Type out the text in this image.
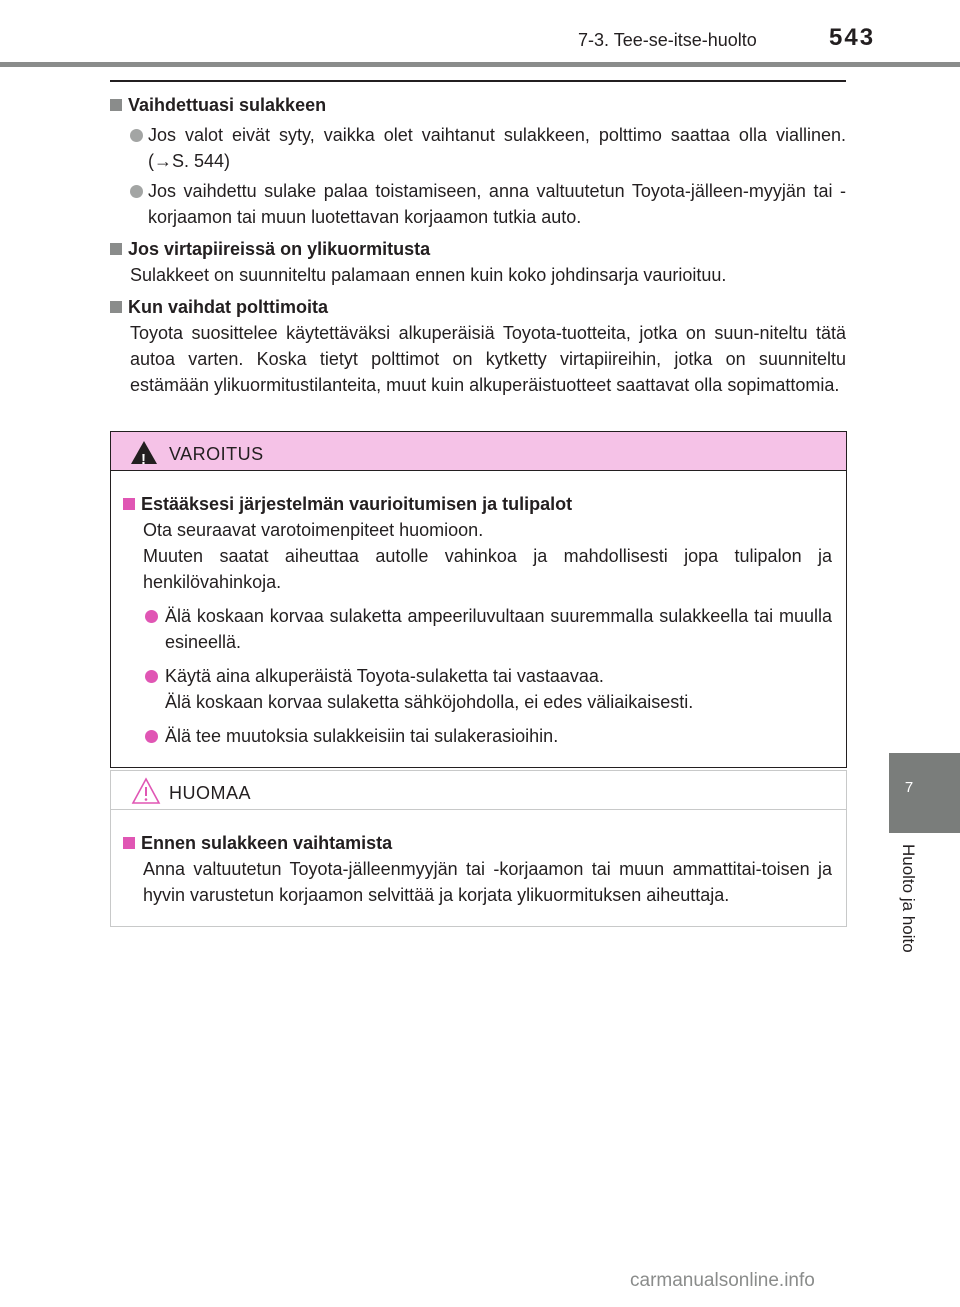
7-3. Tee-se-itse-huolto	543
7
Huolto ja hoito
Vaihdettuasi sulakkeen
Jos valot eivät syty, vaikka olet vaihtanut sulakkeen, polttimo saattaa olla viallinen. (→S. 544)
Jos vaihdettu sulake palaa toistamiseen, anna valtuutetun Toyota-jälleen-myyjän tai -korjaamon tai muun luotettavan korjaamon tutkia auto.
Jos virtapiireissä on ylikuormitusta
Sulakkeet on suunniteltu palamaan ennen kuin koko johdinsarja vaurioituu.
Kun vaihdat polttimoita
Toyota suosittelee käytettäväksi alkuperäisiä Toyota-tuotteita, jotka on suun-niteltu tätä autoa varten. Koska tietyt polttimot on kytketty virtapiireihin, jotka on suunniteltu estämään ylikuormitustilanteita, muut kuin alkuperäistuotteet saattavat olla sopimattomia.
!
VAROITUS
Estääksesi järjestelmän vaurioitumisen ja tulipalot
Ota seuraavat varotoimenpiteet huomioon.
Muuten saatat aiheuttaa autolle vahinkoa ja mahdollisesti jopa tulipalon ja henkilövahinkoja.
Älä koskaan korvaa sulaketta ampeeriluvultaan suuremmalla sulakkeella tai muulla esineellä.
Käytä aina alkuperäistä Toyota-sulaketta tai vastaavaa.
Älä koskaan korvaa sulaketta sähköjohdolla, ei edes väliaikaisesti.
Älä tee muutoksia sulakkeisiin tai sulakerasioihin.
HUOMAA
Ennen sulakkeen vaihtamista
Anna valtuutetun Toyota-jälleenmyyjän tai -korjaamon tai muun ammattitai-toisen ja hyvin varustetun korjaamon selvittää ja korjata ylikuormituksen aiheuttaja.
carmanualsonline.info
